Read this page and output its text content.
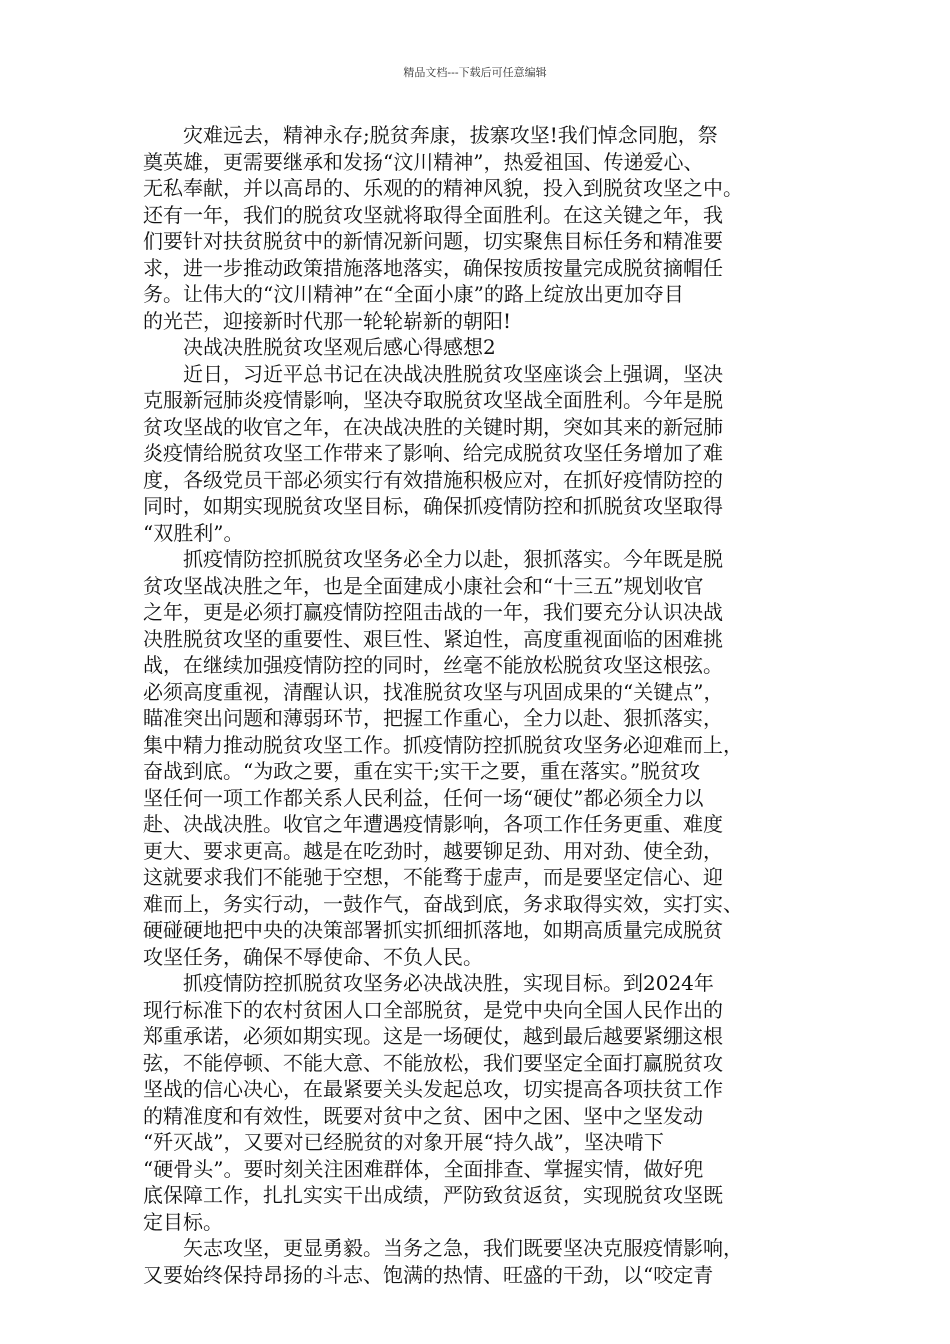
精品文档---下载后可任意编辑
　　灾难远去，精神永存;脱贫奔康，拔寨攻坚!我们悼念同胞，祭
奠英雄，更需要继承和发扬“汶川精神”，热爱祖国、传递爱心、
无私奉献，并以高昂的、乐观的的精神风貌，投入到脱贫攻坚之中。
还有一年，我们的脱贫攻坚就将取得全面胜利。在这关键之年，我
们要针对扶贫脱贫中的新情况新问题，切实聚焦目标任务和精准要
求，进一步推动政策措施落地落实，确保按质按量完成脱贫摘帽任
务。让伟大的“汶川精神”在“全面小康”的路上绽放出更加夺目
的光芒，迎接新时代那一轮轮崭新的朝阳!
　　决战决胜脱贫攻坚观后感心得感想2
　　近日，习近平总书记在决战决胜脱贫攻坚座谈会上强调，坚决
克服新冠肺炎疫情影响，坚决夺取脱贫攻坚战全面胜利。今年是脱
贫攻坚战的收官之年，在决战决胜的关键时期，突如其来的新冠肺
炎疫情给脱贫攻坚工作带来了影响、给完成脱贫攻坚任务增加了难
度，各级党员干部必须实行有效措施积极应对，在抓好疫情防控的
同时，如期实现脱贫攻坚目标，确保抓疫情防控和抓脱贫攻坚取得
“双胜利”。
　　抓疫情防控抓脱贫攻坚务必全力以赴，狠抓落实。今年既是脱
贫攻坚战决胜之年，也是全面建成小康社会和“十三五”规划收官
之年，更是必须打赢疫情防控阻击战的一年，我们要充分认识决战
决胜脱贫攻坚的重要性、艰巨性、紧迫性，高度重视面临的困难挑
战，在继续加强疫情防控的同时，丝毫不能放松脱贫攻坚这根弦。
必须高度重视，清醒认识，找准脱贫攻坚与巩固成果的“关键点”，
瞄准突出问题和薄弱环节，把握工作重心，全力以赴、狠抓落实，
集中精力推动脱贫攻坚工作。抓疫情防控抓脱贫攻坚务必迎难而上，
奋战到底。“为政之要，重在实干;实干之要，重在落实。”脱贫攻
坚任何一项工作都关系人民利益，任何一场“硬仗”都必须全力以
赴、决战决胜。收官之年遭遇疫情影响，各项工作任务更重、难度
更大、要求更高。越是在吃劲时，越要铆足劲、用对劲、使全劲，
这就要求我们不能驰于空想，不能骛于虚声，而是要坚定信心、迎
难而上，务实行动，一鼓作气，奋战到底，务求取得实效，实打实、
硬碰硬地把中央的决策部署抓实抓细抓落地，如期高质量完成脱贫
攻坚任务，确保不辱使命、不负人民。
　　抓疫情防控抓脱贫攻坚务必决战决胜，实现目标。到2024年
现行标准下的农村贫困人口全部脱贫，是党中央向全国人民作出的
郑重承诺，必须如期实现。这是一场硬仗，越到最后越要紧绷这根
弦，不能停顿、不能大意、不能放松，我们要坚定全面打赢脱贫攻
坚战的信心决心，在最紧要关头发起总攻，切实提高各项扶贫工作
的精准度和有效性，既要对贫中之贫、困中之困、坚中之坚发动
“歼灭战”，又要对已经脱贫的对象开展“持久战”，坚决啃下
“硬骨头”。要时刻关注困难群体，全面排查、掌握实情，做好兜
底保障工作，扎扎实实干出成绩，严防致贫返贫，实现脱贫攻坚既
定目标。
　　矢志攻坚，更显勇毅。当务之急，我们既要坚决克服疫情影响，
又要始终保持昂扬的斗志、饱满的热情、旺盛的干劲，以“咬定青
